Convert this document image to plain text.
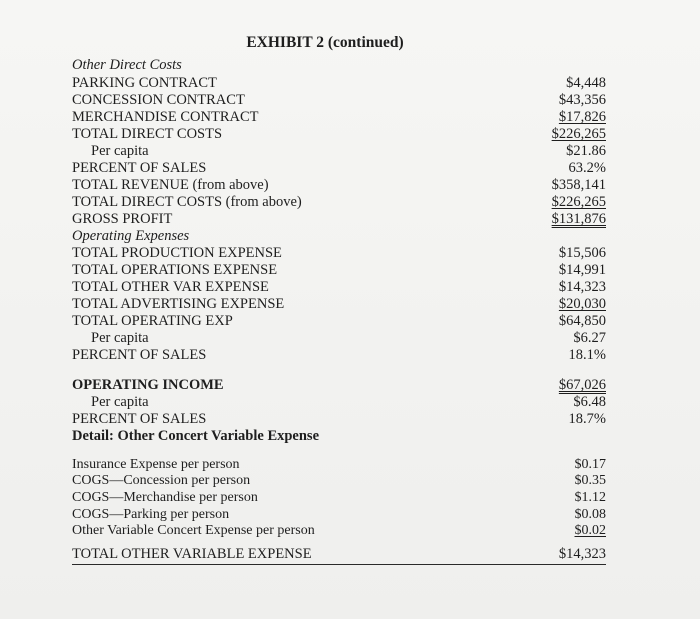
EXHIBIT 2 (continued)
Other Direct Costs
PARKING CONTRACT	$4,448
CONCESSION CONTRACT	$43,356
MERCHANDISE CONTRACT	$17,826
TOTAL DIRECT COSTS	$226,265
Per capita	$21.86
PERCENT OF SALES	63.2%
TOTAL REVENUE (from above)	$358,141
TOTAL DIRECT COSTS (from above)	$226,265
GROSS PROFIT	$131,876
Operating Expenses
TOTAL PRODUCTION EXPENSE	$15,506
TOTAL OPERATIONS EXPENSE	$14,991
TOTAL OTHER VAR EXPENSE	$14,323
TOTAL ADVERTISING EXPENSE	$20,030
TOTAL OPERATING EXP	$64,850
Per capita	$6.27
PERCENT OF SALES	18.1%
OPERATING INCOME	$67,026
Per capita	$6.48
PERCENT OF SALES	18.7%
Detail: Other Concert Variable Expense
Insurance Expense per person	$0.17
COGS—Concession per person	$0.35
COGS—Merchandise per person	$1.12
COGS—Parking per person	$0.08
Other Variable Concert Expense per person	$0.02
TOTAL OTHER VARIABLE EXPENSE	$14,323
